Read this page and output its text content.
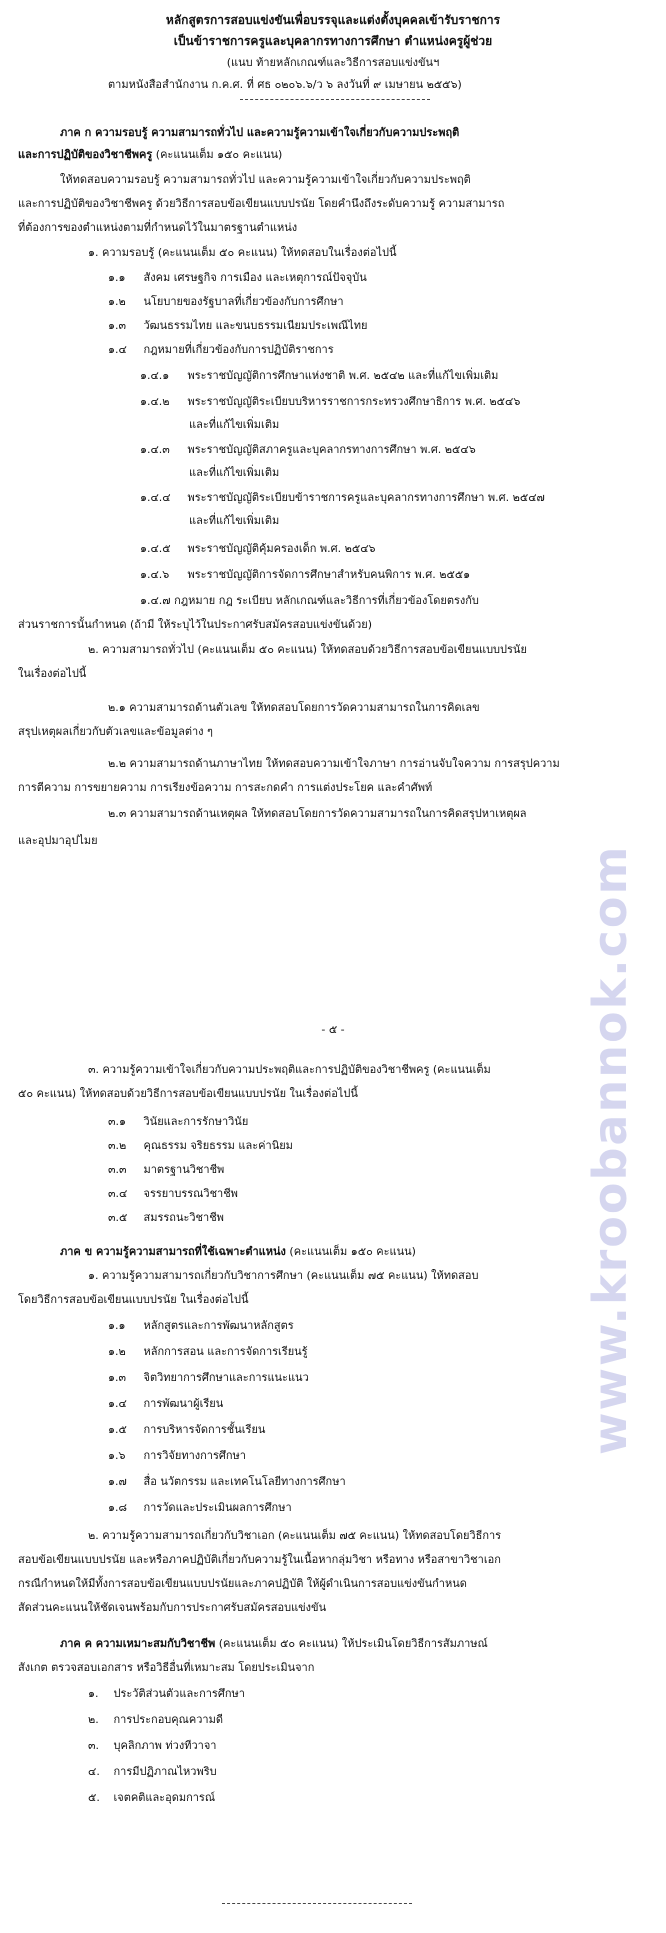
www.kroobannok.com
หลักสูตรการสอบแข่งขันเพื่อบรรจุและแต่งตั้งบุคคลเข้ารับราชการ
เป็นข้าราชการครูและบุคลากรทางการศึกษา ตำแหน่งครูผู้ช่วย
(แนบ ท้ายหลักเกณฑ์และวิธีการสอบแข่งขันฯ
ตามหนังสือสำนักงาน ก.ค.ศ. ที่ ศธ ๐๒๐๖.๖/ว ๖ ลงวันที่ ๙ เมษายน ๒๕๕๖)
ภาค ก ความรอบรู้ ความสามารถทั่วไป และความรู้ความเข้าใจเกี่ยวกับความประพฤติ
และการปฏิบัติของวิชาชีพครู (คะแนนเต็ม ๑๕๐ คะแนน)
ให้ทดสอบความรอบรู้ ความสามารถทั่วไป และความรู้ความเข้าใจเกี่ยวกับความประพฤติ
และการปฏิบัติของวิชาชีพครู ด้วยวิธีการสอบข้อเขียนแบบปรนัย โดยคำนึงถึงระดับความรู้ ความสามารถ
ที่ต้องการของตำแหน่งตามที่กำหนดไว้ในมาตรฐานตำแหน่ง
๑. ความรอบรู้ (คะแนนเต็ม ๕๐ คะแนน) ให้ทดสอบในเรื่องต่อไปนี้
๑.๑ สังคม เศรษฐกิจ การเมือง และเหตุการณ์ปัจจุบัน
๑.๒ นโยบายของรัฐบาลที่เกี่ยวข้องกับการศึกษา
๑.๓ วัฒนธรรมไทย และขนบธรรมเนียมประเพณีไทย
๑.๔ กฎหมายที่เกี่ยวข้องกับการปฏิบัติราชการ
๑.๔.๑ พระราชบัญญัติการศึกษาแห่งชาติ พ.ศ. ๒๕๔๒ และที่แก้ไขเพิ่มเติม
๑.๔.๒ พระราชบัญญัติระเบียบบริหารราชการกระทรวงศึกษาธิการ พ.ศ. ๒๕๔๖
และที่แก้ไขเพิ่มเติม
๑.๔.๓ พระราชบัญญัติสภาครูและบุคลากรทางการศึกษา พ.ศ. ๒๕๔๖
และที่แก้ไขเพิ่มเติม
๑.๔.๔ พระราชบัญญัติระเบียบข้าราชการครูและบุคลากรทางการศึกษา พ.ศ. ๒๕๔๗
และที่แก้ไขเพิ่มเติม
๑.๔.๕ พระราชบัญญัติคุ้มครองเด็ก พ.ศ. ๒๕๔๖
๑.๔.๖ พระราชบัญญัติการจัดการศึกษาสำหรับคนพิการ พ.ศ. ๒๕๕๑
๑.๔.๗ กฎหมาย กฎ ระเบียบ หลักเกณฑ์และวิธีการที่เกี่ยวข้องโดยตรงกับ
ส่วนราชการนั้นกำหนด (ถ้ามี ให้ระบุไว้ในประกาศรับสมัครสอบแข่งขันด้วย)
๒. ความสามารถทั่วไป (คะแนนเต็ม ๕๐ คะแนน) ให้ทดสอบด้วยวิธีการสอบข้อเขียนแบบปรนัย
ในเรื่องต่อไปนี้
๒.๑ ความสามารถด้านตัวเลข ให้ทดสอบโดยการวัดความสามารถในการคิดเลข
สรุปเหตุผลเกี่ยวกับตัวเลขและข้อมูลต่าง ๆ
๒.๒ ความสามารถด้านภาษาไทย ให้ทดสอบความเข้าใจภาษา การอ่านจับใจความ การสรุปความ
การตีความ การขยายความ การเรียงข้อความ การสะกดคำ การแต่งประโยค และคำศัพท์
๒.๓ ความสามารถด้านเหตุผล ให้ทดสอบโดยการวัดความสามารถในการคิดสรุปหาเหตุผล
และอุปมาอุปไมย
- ๕ -
๓. ความรู้ความเข้าใจเกี่ยวกับความประพฤติและการปฏิบัติของวิชาชีพครู (คะแนนเต็ม
๕๐ คะแนน) ให้ทดสอบด้วยวิธีการสอบข้อเขียนแบบปรนัย ในเรื่องต่อไปนี้
๓.๑ วินัยและการรักษาวินัย
๓.๒ คุณธรรม จริยธรรม และค่านิยม
๓.๓ มาตรฐานวิชาชีพ
๓.๔ จรรยาบรรณวิชาชีพ
๓.๕ สมรรถนะวิชาชีพ
ภาค ข ความรู้ความสามารถที่ใช้เฉพาะตำแหน่ง (คะแนนเต็ม ๑๕๐ คะแนน)
๑. ความรู้ความสามารถเกี่ยวกับวิชาการศึกษา (คะแนนเต็ม ๗๕ คะแนน) ให้ทดสอบ
โดยวิธีการสอบข้อเขียนแบบปรนัย ในเรื่องต่อไปนี้
๑.๑ หลักสูตรและการพัฒนาหลักสูตร
๑.๒ หลักการสอน และการจัดการเรียนรู้
๑.๓ จิตวิทยาการศึกษาและการแนะแนว
๑.๔ การพัฒนาผู้เรียน
๑.๕ การบริหารจัดการชั้นเรียน
๑.๖ การวิจัยทางการศึกษา
๑.๗ สื่อ นวัตกรรม และเทคโนโลยีทางการศึกษา
๑.๘ การวัดและประเมินผลการศึกษา
๒. ความรู้ความสามารถเกี่ยวกับวิชาเอก (คะแนนเต็ม ๗๕ คะแนน) ให้ทดสอบโดยวิธีการ
สอบข้อเขียนแบบปรนัย และหรือภาคปฏิบัติเกี่ยวกับความรู้ในเนื้อหากลุ่มวิชา หรือทาง หรือสาขาวิชาเอก
กรณีกำหนดให้มีทั้งการสอบข้อเขียนแบบปรนัยและภาคปฏิบัติ ให้ผู้ดำเนินการสอบแข่งขันกำหนด
สัดส่วนคะแนนให้ชัดเจนพร้อมกับการประกาศรับสมัครสอบแข่งขัน
ภาค ค ความเหมาะสมกับวิชาชีพ (คะแนนเต็ม ๕๐ คะแนน) ให้ประเมินโดยวิธีการสัมภาษณ์
สังเกต ตรวจสอบเอกสาร หรือวิธีอื่นที่เหมาะสม โดยประเมินจาก
๑. ประวัติส่วนตัวและการศึกษา
๒. การประกอบคุณความดี
๓. บุคลิกภาพ ท่วงทีวาจา
๔. การมีปฏิภาณไหวพริบ
๕. เจตคติและอุดมการณ์
